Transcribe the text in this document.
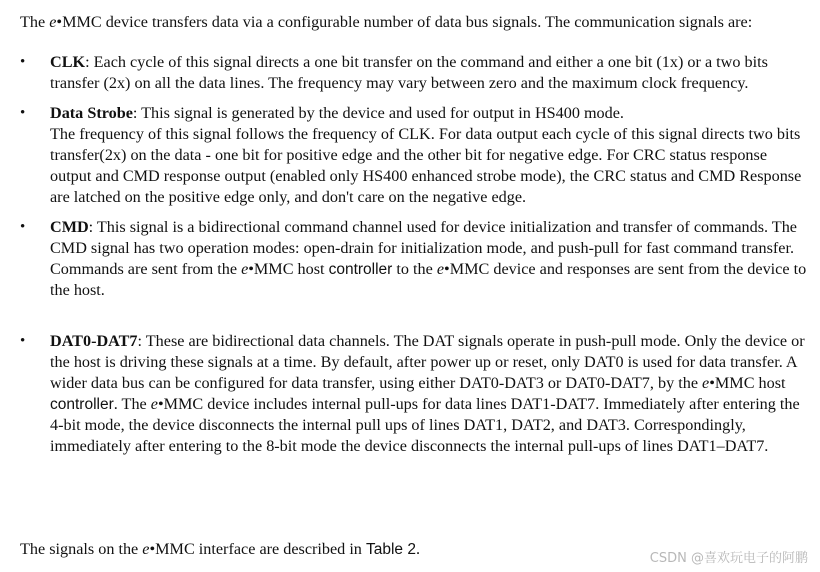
The e•MMC device transfers data via a configurable number of data bus signals. The communication signals are:

• CLK: Each cycle of this signal directs a one bit transfer on the command and either a one bit (1x) or a two bits transfer (2x) on all the data lines. The frequency may vary between zero and the maximum clock frequency.
• Data Strobe: This signal is generated by the device and used for output in HS400 mode.
The frequency of this signal follows the frequency of CLK. For data output each cycle of this signal directs two bits transfer(2x) on the data - one bit for positive edge and the other bit for negative edge. For CRC status response output and CMD response output (enabled only HS400 enhanced strobe mode), the CRC status and CMD Response are latched on the positive edge only, and don't care on the negative edge.
• CMD: This signal is a bidirectional command channel used for device initialization and transfer of commands. The CMD signal has two operation modes: open-drain for initialization mode, and push-pull for fast command transfer. Commands are sent from the e•MMC host controller to the e•MMC device and responses are sent from the device to the host.
• DAT0-DAT7: These are bidirectional data channels. The DAT signals operate in push-pull mode. Only the device or the host is driving these signals at a time. By default, after power up or reset, only DAT0 is used for data transfer. A wider data bus can be configured for data transfer, using either DAT0-DAT3 or DAT0-DAT7, by the e•MMC host controller. The e•MMC device includes internal pull-ups for data lines DAT1-DAT7. Immediately after entering the 4-bit mode, the device disconnects the internal pull ups of lines DAT1, DAT2, and DAT3. Correspondingly, immediately after entering to the 8-bit mode the device disconnects the internal pull-ups of lines DAT1–DAT7.

The signals on the e•MMC interface are described in Table 2.

CSDN @喜欢玩电子的阿鹏
